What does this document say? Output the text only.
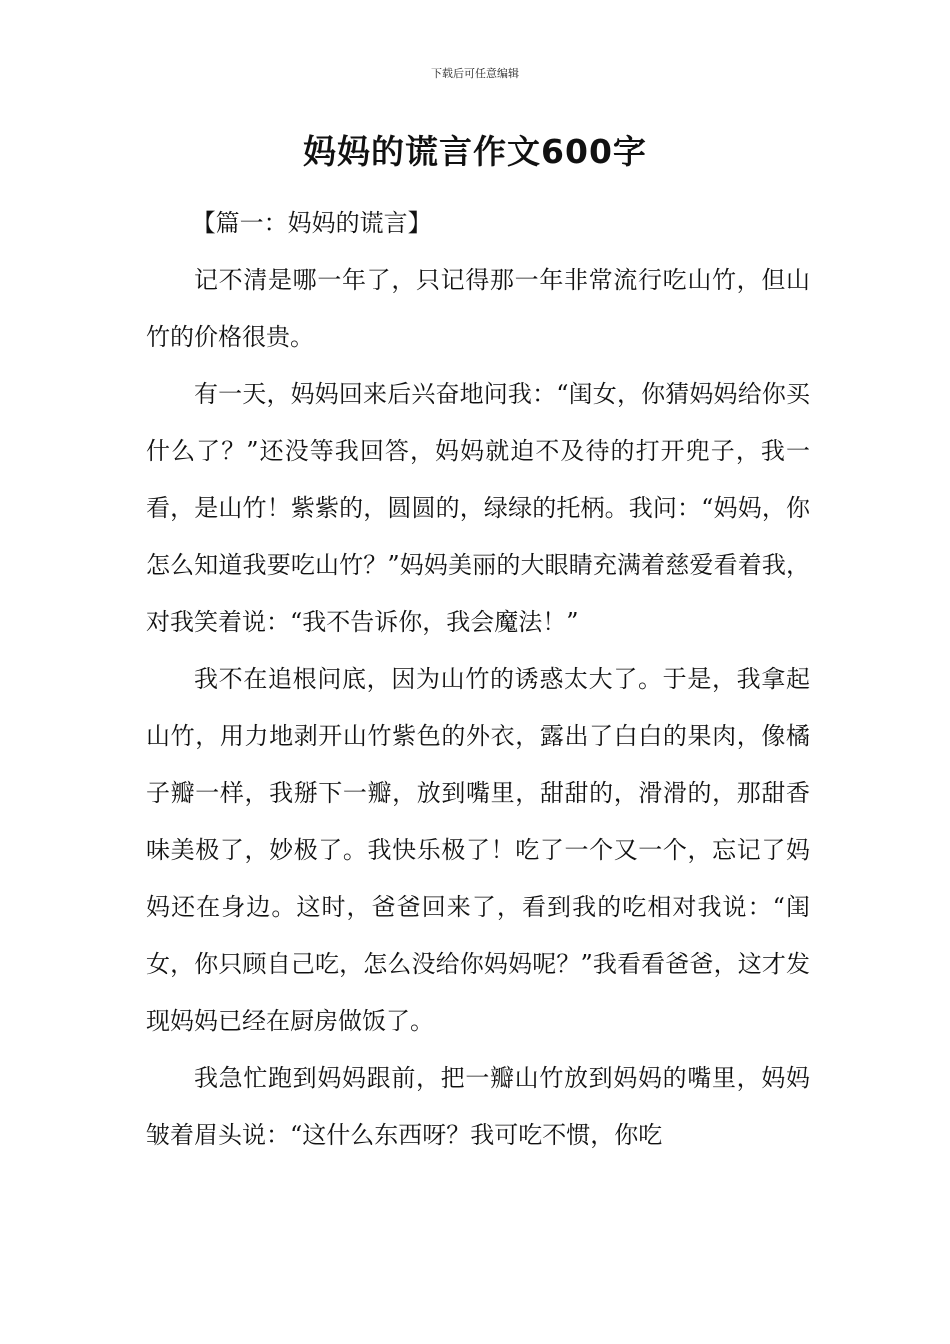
下载后可任意编辑
妈妈的谎言作文600字

【篇一：妈妈的谎言】

记不清是哪一年了，只记得那一年非常流行吃山竹，但山竹的价格很贵。

有一天，妈妈回来后兴奋地问我：“闺女，你猜妈妈给你买什么了？”还没等我回答，妈妈就迫不及待的打开兜子，我一看，是山竹！紫紫的，圆圆的，绿绿的托柄。我问：“妈妈，你怎么知道我要吃山竹？”妈妈美丽的大眼睛充满着慈爱看着我，对我笑着说：“我不告诉你，我会魔法！”

我不在追根问底，因为山竹的诱惑太大了。于是，我拿起山竹，用力地剥开山竹紫色的外衣，露出了白白的果肉，像橘子瓣一样，我掰下一瓣，放到嘴里，甜甜的，滑滑的，那甜香味美极了，妙极了。我快乐极了！吃了一个又一个，忘记了妈妈还在身边。这时，爸爸回来了，看到我的吃相对我说：“闺女，你只顾自己吃，怎么没给你妈妈呢？”我看看爸爸，这才发现妈妈已经在厨房做饭了。

我急忙跑到妈妈跟前，把一瓣山竹放到妈妈的嘴里，妈妈皱着眉头说：“这什么东西呀？我可吃不惯，你吃
